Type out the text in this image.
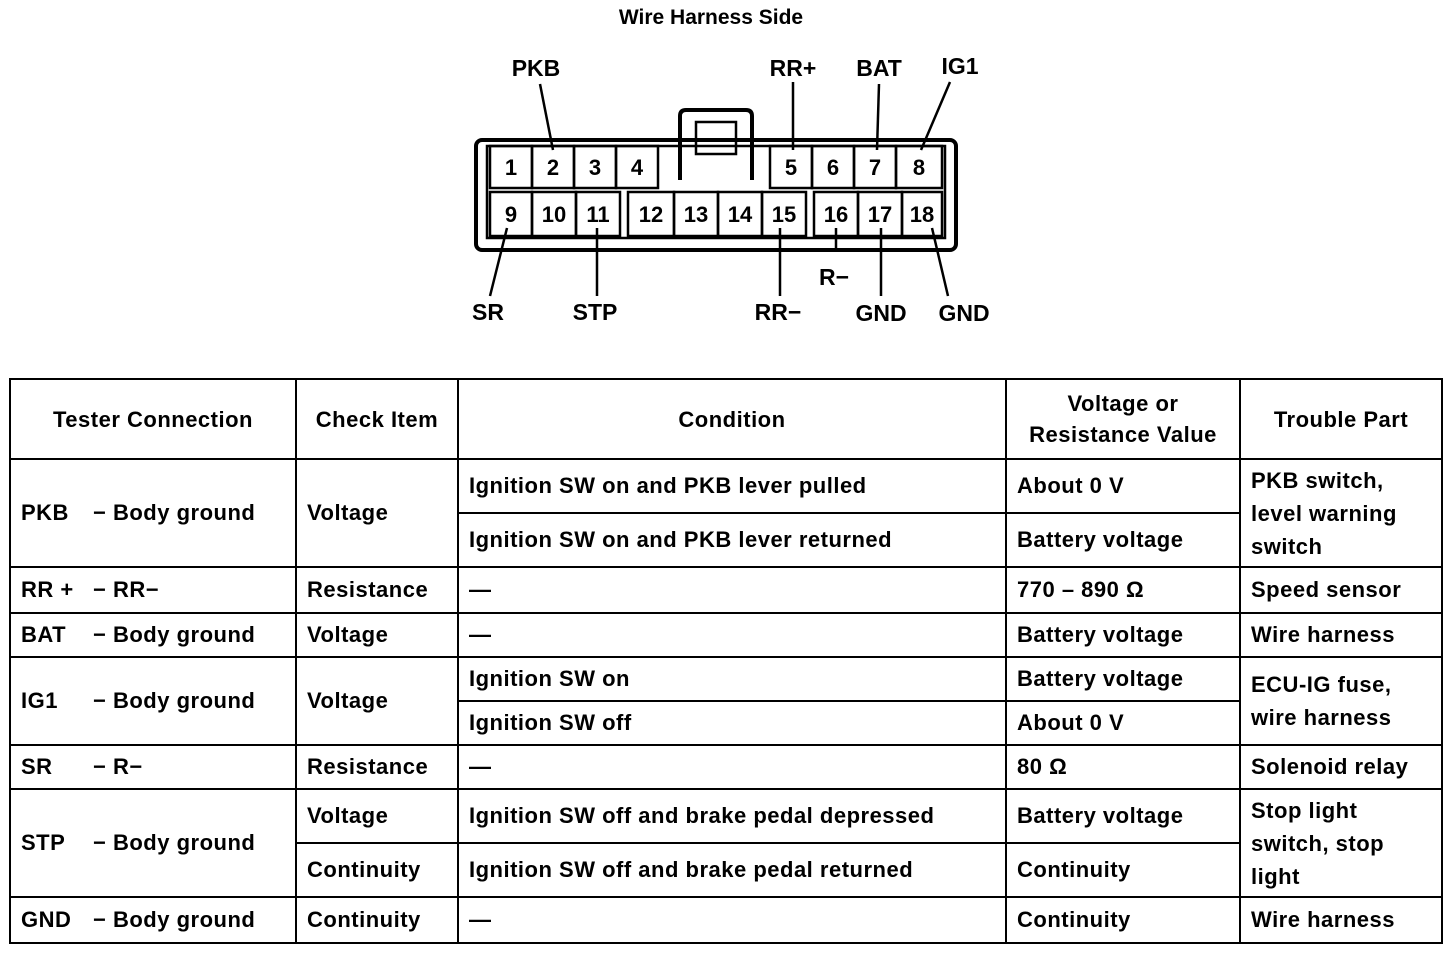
Wire Harness Side
1 2 3 4	5 6 7 8
9 10 11 12 13 14 15 16 17 18
PKB	RR+ BAT IG1
SR	STP	RR−
R−
GND GND
Tester Connection	Check Item	Condition	Voltage or
Resistance Value	Trouble Part
PKB − Body ground	Voltage	Ignition SW on and PKB lever pulled	About 0 V	PKB switch,
level warning
switch
		Ignition SW on and PKB lever returned	Battery voltage	
RR + − RR−	Resistance	—	770 – 890 Ω	Speed sensor
BAT − Body ground	Voltage	—	Battery voltage	Wire harness
IG1 − Body ground	Voltage	Ignition SW on	Battery voltage	ECU-IG fuse,
wire harness
		Ignition SW off	About 0 V	
SR − R−	Resistance	—	80 Ω	Solenoid relay
STP − Body ground	Voltage	Ignition SW off and brake pedal depressed	Battery voltage	Stop light
switch, stop
light
	Continuity	Ignition SW off and brake pedal returned	Continuity	
GND − Body ground	Continuity	—	Continuity	Wire harness
